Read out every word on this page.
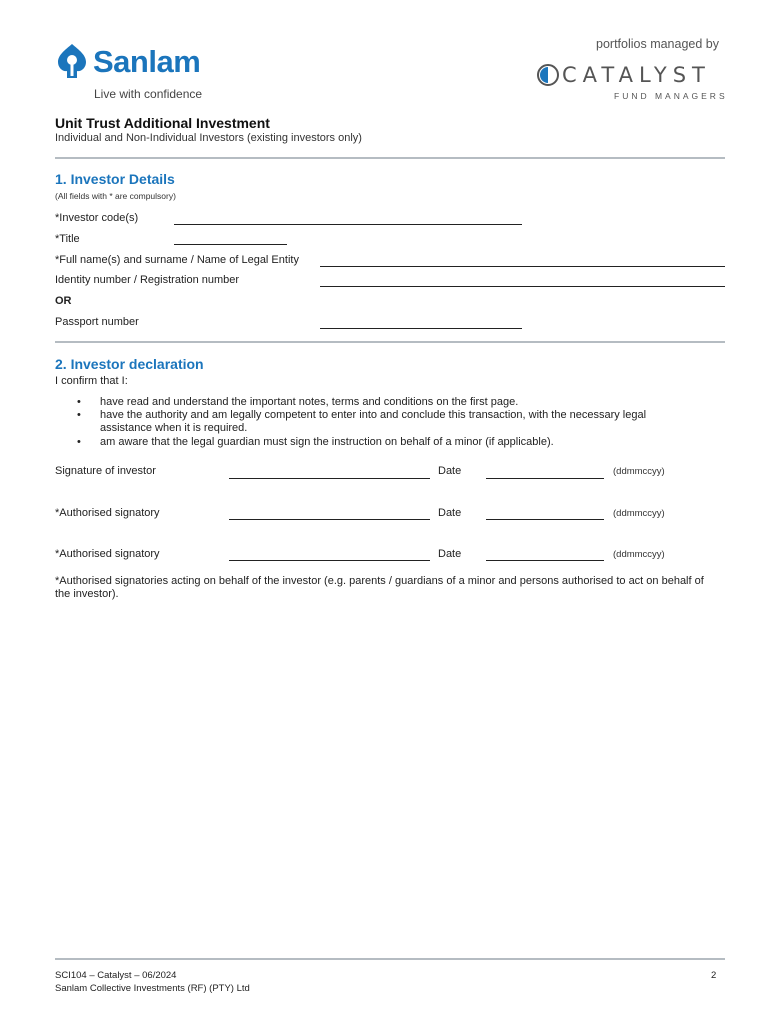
Sanlam
Live with confidence
portfolios managed by
CATALYST
FUND MANAGERS
Unit Trust Additional Investment
Individual and Non-Individual Investors (existing investors only)
1. Investor Details
(All fields with * are compulsory)
*Investor code(s)
*Title
*Full name(s) and surname / Name of Legal Entity
Identity number / Registration number
OR
Passport number
2. Investor declaration
I confirm that I:
• have read and understand the important notes, terms and conditions on the first page.
• have the authority and am legally competent to enter into and conclude this transaction, with the necessary legal assistance when it is required.
• am aware that the legal guardian must sign the instruction on behalf of a minor (if applicable).
Signature of investor	Date	(ddmmccyy)
*Authorised signatory	Date	(ddmmccyy)
*Authorised signatory	Date	(ddmmccyy)
*Authorised signatories acting on behalf of the investor (e.g. parents / guardians of a minor and persons authorised to act on behalf of the investor).
SCI104 – Catalyst – 06/2024
Sanlam Collective Investments (RF) (PTY) Ltd
2
